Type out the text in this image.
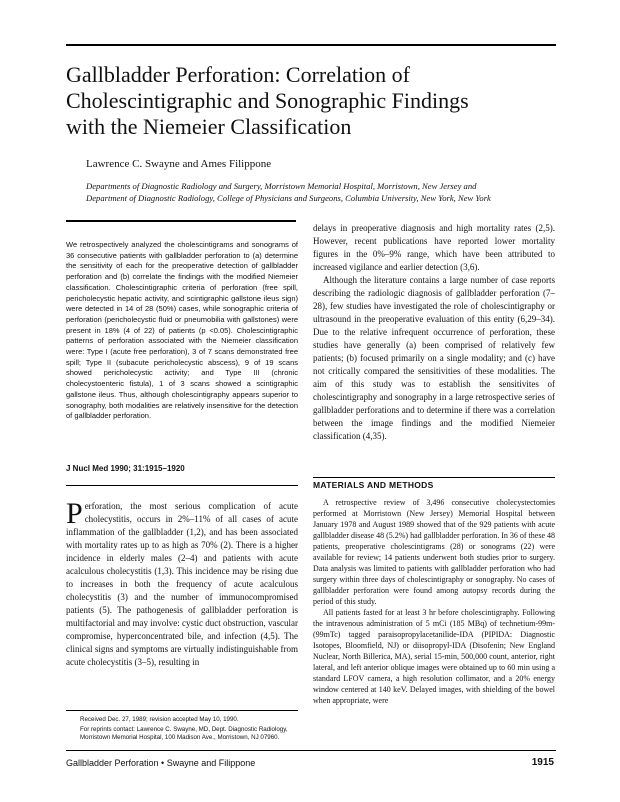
Gallbladder Perforation: Correlation of
Cholescintigraphic and Sonographic Findings
with the Niemeier Classification
Lawrence C. Swayne and Ames Filippone
Departments of Diagnostic Radiology and Surgery, Morristown Memorial Hospital, Morristown, New Jersey and
Department of Diagnostic Radiology, College of Physicians and Surgeons, Columbia University, New York, New York

We retrospectively analyzed the cholescintigrams and sonograms of 36 consecutive patients with gallbladder perforation to (a) determine the sensitivity of each for the preoperative detection of gallbladder perforation and (b) correlate the findings with the modified Niemeier classification. Cholescintigraphic criteria of perforation (free spill, pericholecystic hepatic activity, and scintigraphic gallstone ileus sign) were detected in 14 of 28 (50%) cases, while sonographic criteria of perforation (pericholecystic fluid or pneumobilia with gallstones) were present in 18% (4 of 22) of patients (p <0.05). Cholescintigraphic patterns of perforation associated with the Niemeier classification were: Type I (acute free perforation), 3 of 7 scans demonstrated free spill; Type II (subacute pericholecystic abscess), 9 of 19 scans showed pericholecystic activity; and Type III (chronic cholecystoenteric fistula), 1 of 3 scans showed a scintigraphic gallstone ileus. Thus, although cholescintigraphy appears superior to sonography, both modalities are relatively insensitive for the detection of gallbladder perforation.

J Nucl Med 1990; 31:1915–1920

Perforation, the most serious complication of acute cholecystitis, occurs in 2%–11% of all cases of acute inflammation of the gallbladder (1,2), and has been associated with mortality rates up to as high as 70% (2). There is a higher incidence in elderly males (2–4) and patients with acute acalculous cholecystitis (1,3). This incidence may be rising due to increases in both the frequency of acute acalculous cholecystitis (3) and the number of immunocompromised patients (5). The pathogenesis of gallbladder perforation is multifactorial and may involve: cystic duct obstruction, vascular compromise, hyperconcentrated bile, and infection (4,5). The clinical signs and symptoms are virtually indistinguishable from acute cholecystitis (3–5), resulting in

Received Dec. 27, 1989; revision accepted May 10, 1990.

For reprints contact: Lawrence C. Swayne, MD, Dept. Diagnostic Radiology, Morristown Memorial Hospital, 100 Madison Ave., Morristown, NJ 07960.

delays in preoperative diagnosis and high mortality rates (2,5). However, recent publications have reported lower mortality figures in the 0%–9% range, which have been attributed to increased vigilance and earlier detection (3,6).

Although the literature contains a large number of case reports describing the radiologic diagnosis of gallbladder perforation (7–28), few studies have investigated the role of cholescintigraphy or ultrasound in the preoperative evaluation of this entity (6,29–34). Due to the relative infrequent occurrence of perforation, these studies have generally (a) been comprised of relatively few patients; (b) focused primarily on a single modality; and (c) have not critically compared the sensitivities of these modalities. The aim of this study was to establish the sensitivites of cholescintigraphy and sonography in a large retrospective series of gallbladder perforations and to determine if there was a correlation between the image findings and the modified Niemeier classification (4,35).

MATERIALS AND METHODS

A retrospective review of 3,496 consecutive cholecystectomies performed at Morristown (New Jersey) Memorial Hospital between January 1978 and August 1989 showed that of the 929 patients with acute gallbladder disease 48 (5.2%) had gallbladder perforation. In 36 of these 48 patients, preoperative cholescintigrams (28) or sonograms (22) were available for review; 14 patients underwent both studies prior to surgery. Data analysis was limited to patients with gallbladder perforation who had surgery within three days of cholescintigraphy or sonography. No cases of gallbladder perforation were found among autopsy records during the period of this study.

All patients fasted for at least 3 hr before cholescintigraphy. Following the intravenous administration of 5 mCi (185 MBq) of technetium-99m- (99mTc) tagged paraisopropylacetanilide-IDA (PIPIDA: Diagnostic Isotopes, Bloomfield, NJ) or diisopropyl-IDA (Disofenin; New England Nuclear, North Billerica, MA), serial 15-min, 500,000 count, anterior, right lateral, and left anterior oblique images were obtained up to 60 min using a standard LFOV camera, a high resolution collimator, and a 20% energy window centered at 140 keV. Delayed images, with shielding of the bowel when appropriate, were

Gallbladder Perforation • Swayne and Filippone	1915
